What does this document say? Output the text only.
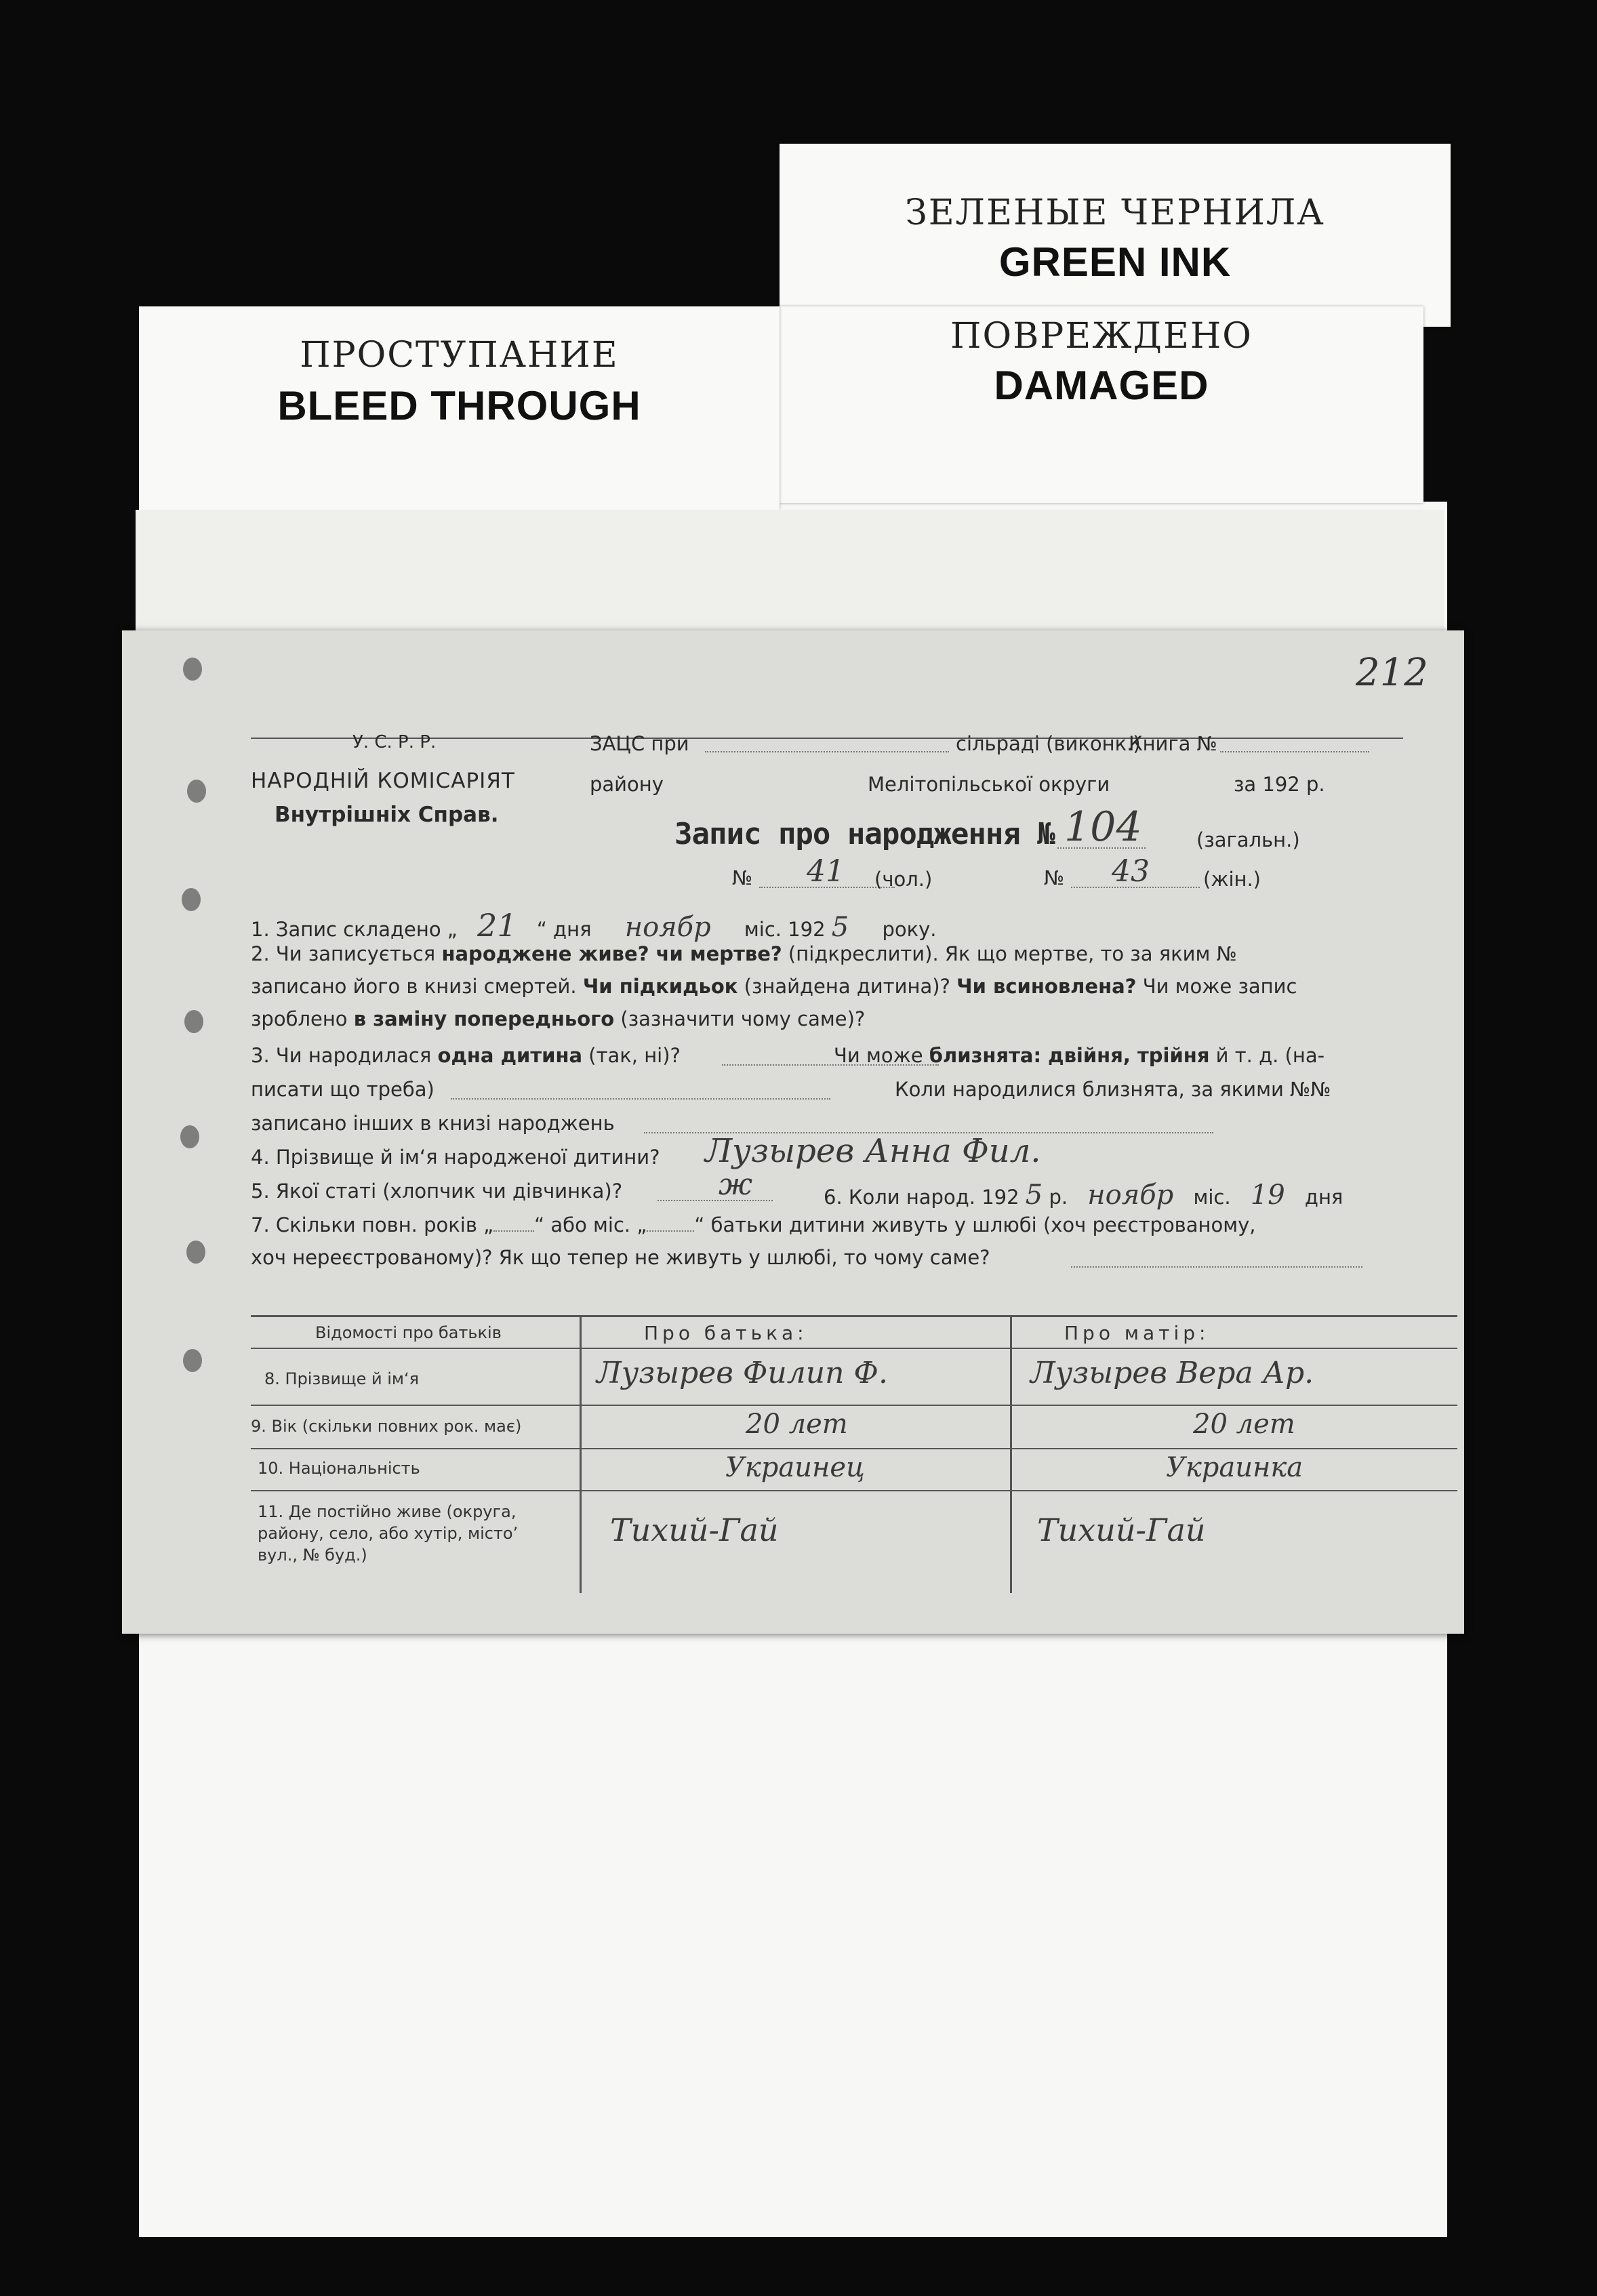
ЗЕЛЕНЫЕ ЧЕРНИЛА
GREEN INK
ПОВРЕЖДЕНО
DAMAGED
ПРОСТУПАНИЕ
BLEED THROUGH
212
У. С. Р. Р.
НАРОДНІЙ КОМІСАРІЯТ
Внутрішніх Справ.
ЗАЦС при	сільраді (виконк.)
Книга №
району	Мелітопільської округи	за 192 р.
Запис про народження № 104	(загальн.)
№ 41 (чол.)	№ 43	(жін.)
1. Запис складено „ 21 “ дня ноябр міс. 192 5 року.
2. Чи записується народжене живе? чи мертве? (підкреслити). Як що мертве, то за яким №
записано його в книзі смертей. Чи підкидьок (знайдена дитина)? Чи всиновлена? Чи може запис
зроблено в заміну попереднього (зазначити чому саме)?
3. Чи народилася одна дитина (так, ні)?	Чи може близнята: двійня, трійня й т. д. (на-
писати що треба)	Коли народилися близнята, за якими №№
записано інших в книзі народжень
4. Прізвище й ім‘я народженої дитини? Лузырев Анна Фил.
5. Якої статі (хлопчик чи дівчинка)?	ж	6. Коли народ. 192 5 р. ноябр міс. 19 дня
7. Скільки повн. років „ “ або міс. „ “ батьки дитини живуть у шлюбі (хоч реєстрованому,
хоч нереєстрованому)? Як що тепер не живуть у шлюбі, то чому саме?
Відомості про батьків	Про батька:	Про матір:
8. Прізвище й ім‘я	Лузырев Филип Ф.	Лузырев Вера Ар.
9. Вік (скільки повних рок. має)	20 лет	20 лет
10. Національність	Украинец	Украинка
11. Де постійно живе (округа,
району, село, або хутір, місто’
вул., № буд.)
Тихий-Гай	Тихий-Гай
